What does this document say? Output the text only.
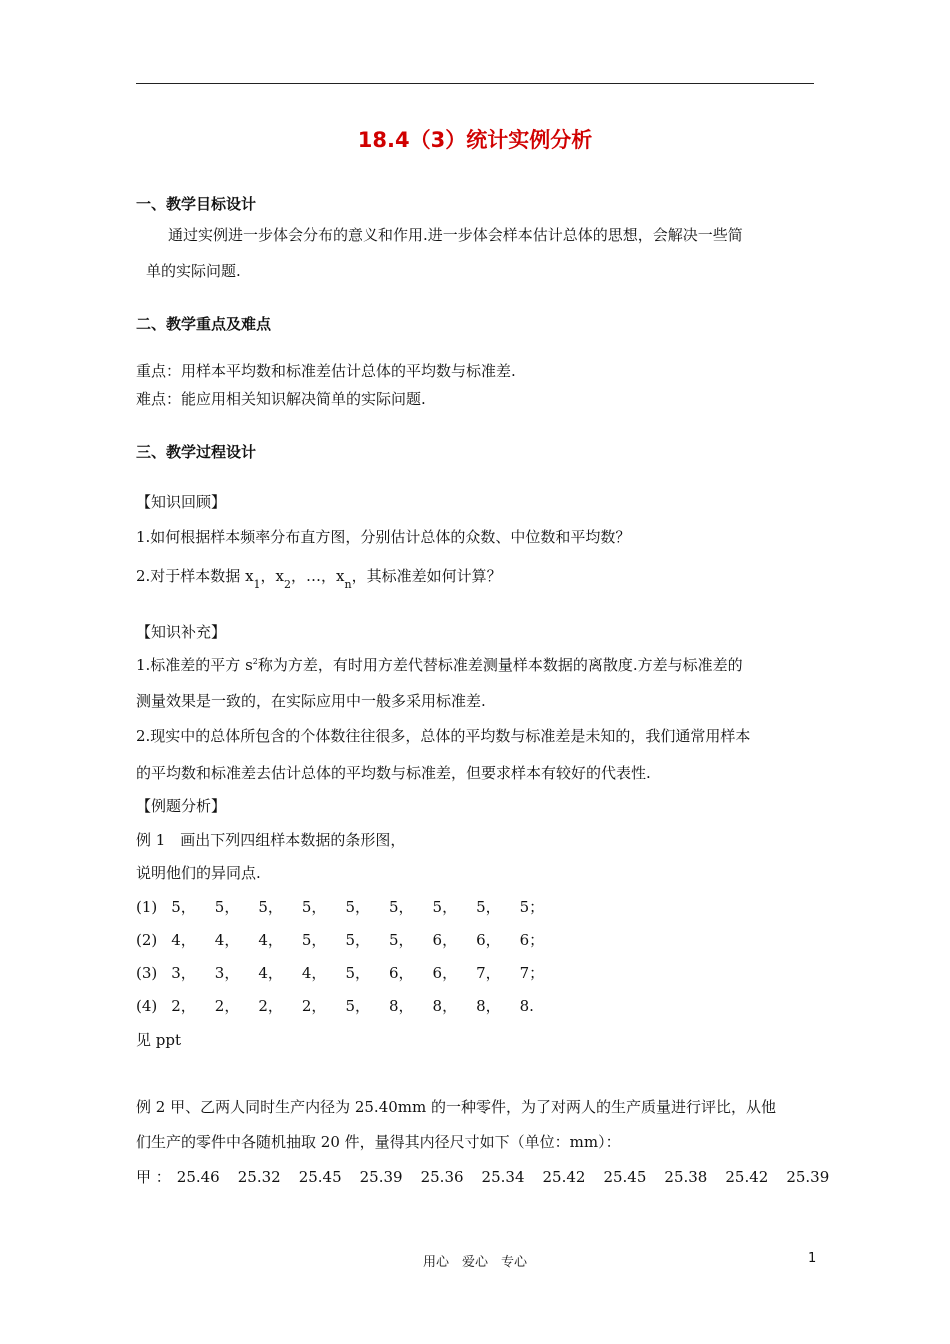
18.4（3）统计实例分析
一、教学目标设计
通过实例进一步体会分布的意义和作用.进一步体会样本估计总体的思想，会解决一些简
单的实际问题.
二、教学重点及难点
重点：用样本平均数和标准差估计总体的平均数与标准差.
难点：能应用相关知识解决简单的实际问题.
三、教学过程设计
【知识回顾】
1.如何根据样本频率分布直方图，分别估计总体的众数、中位数和平均数？
2.对于样本数据 $x_1$，$x_2$，…，$x_n$，其标准差如何计算？
【知识补充】
1.标准差的平方 $s^2$称为方差，有时用方差代替标准差测量样本数据的离散度.方差与标准差的
测量效果是一致的，在实际应用中一般多采用标准差.
2.现实中的总体所包含的个体数往往很多，总体的平均数与标准差是未知的，我们通常用样本
的平均数和标准差去估计总体的平均数与标准差，但要求样本有较好的代表性.
【例题分析】
例 1　画出下列四组样本数据的条形图，
说明他们的异同点.
(1) 5， 5， 5， 5， 5， 5， 5， 5， 5；
(2) 4， 4， 4， 5， 5， 5， 6， 6， 6；
(3) 3， 3， 4， 4， 5， 6， 6， 7， 7；
(4) 2， 2， 2， 2， 5， 8， 8， 8， 8.
见 ppt
例 2 甲、乙两人同时生产内径为 25.40mm 的一种零件，为了对两人的生产质量进行评比，从他
们生产的零件中各随机抽取 20 件，量得其内径尺寸如下（单位：mm）：
甲 ： 25.46 25.32 25.45 25.39 25.36 25.34 25.42 25.45 25.38 25.42 25.39
用心　爱心　专心	1
